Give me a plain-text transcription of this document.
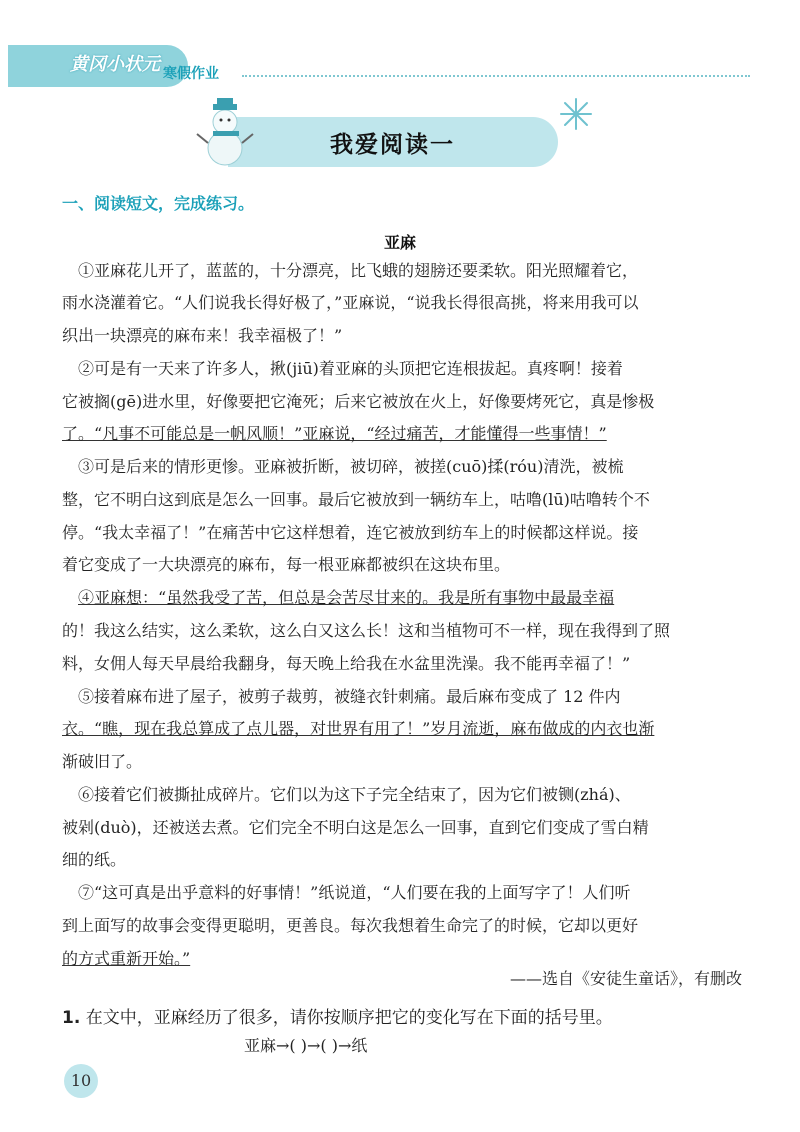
黄冈小状元 寒假作业
我爱阅读一
一、阅读短文，完成练习。
亚麻
①亚麻花儿开了，蓝蓝的，十分漂亮，比飞蛾的翅膀还要柔软。阳光照耀着它，
雨水浇灌着它。“人们说我长得好极了，”亚麻说，“说我长得很高挑，将来用我可以
织出一块漂亮的麻布来！我幸福极了！”
②可是有一天来了许多人，揪(jiū)着亚麻的头顶把它连根拔起。真疼啊！接着
它被搁(gē)进水里，好像要把它淹死；后来它被放在火上，好像要烤死它，真是惨极
了。“凡事不可能总是一帆风顺！”亚麻说，“经过痛苦，才能懂得一些事情！”
③可是后来的情形更惨。亚麻被折断，被切碎，被搓(cuō)揉(róu)清洗，被梳
整，它不明白这到底是怎么一回事。最后它被放到一辆纺车上，咕噜(lū)咕噜转个不
停。“我太幸福了！”在痛苦中它这样想着，连它被放到纺车上的时候都这样说。接
着它变成了一大块漂亮的麻布，每一根亚麻都被织在这块布里。
④亚麻想：“虽然我受了苦，但总是会苦尽甘来的。我是所有事物中最最幸福
的！我这么结实，这么柔软，这么白又这么长！这和当植物可不一样，现在我得到了照
料，女佣人每天早晨给我翻身，每天晚上给我在水盆里洗澡。我不能再幸福了！”
⑤接着麻布进了屋子，被剪子裁剪，被缝衣针刺痛。最后麻布变成了 12 件内
衣。“瞧，现在我总算成了点儿器，对世界有用了！”岁月流逝，麻布做成的内衣也渐
渐破旧了。
⑥接着它们被撕扯成碎片。它们以为这下子完全结束了，因为它们被铡(zhá)、
被剁(duò)，还被送去煮。它们完全不明白这是怎么一回事，直到它们变成了雪白精
细的纸。
⑦“这可真是出乎意料的好事情！”纸说道，“人们要在我的上面写字了！人们听
到上面写的故事会变得更聪明，更善良。每次我想着生命完了的时候，它却以更好
的方式重新开始。”
——选自《安徒生童话》，有删改
1. 在文中，亚麻经历了很多，请你按顺序把它的变化写在下面的括号里。
亚麻→( )→( )→纸
10
